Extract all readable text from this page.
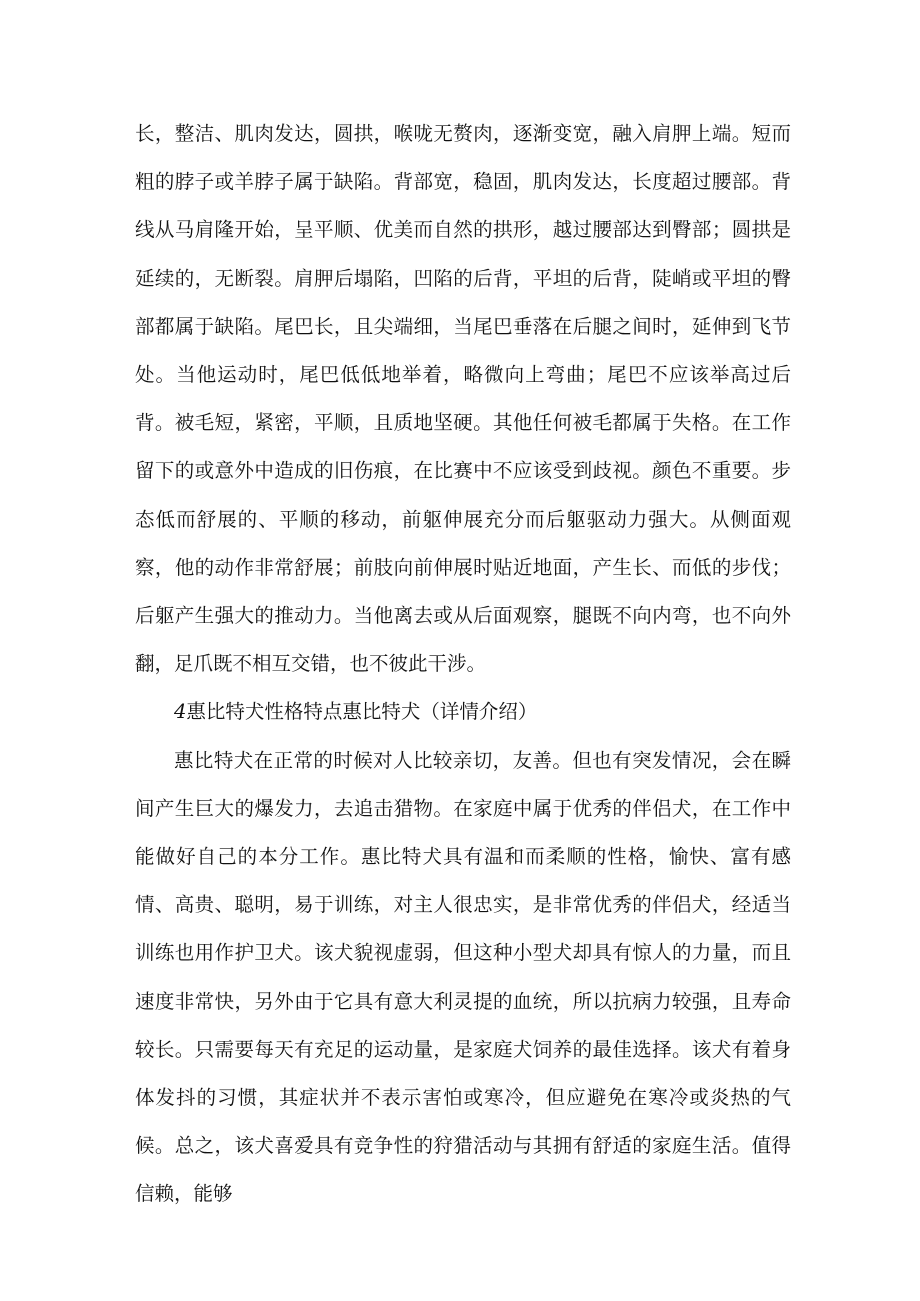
长，整洁、肌肉发达，圆拱，喉咙无赘肉，逐渐变宽，融入肩胛上端。短而粗的脖子或羊脖子属于缺陷。背部宽，稳固，肌肉发达，长度超过腰部。背线从马肩隆开始，呈平顺、优美而自然的拱形，越过腰部达到臀部；圆拱是延续的，无断裂。肩胛后塌陷，凹陷的后背，平坦的后背，陡峭或平坦的臀部都属于缺陷。尾巴长，且尖端细，当尾巴垂落在后腿之间时，延伸到飞节处。当他运动时，尾巴低低地举着，略微向上弯曲；尾巴不应该举高过后背。被毛短，紧密，平顺，且质地坚硬。其他任何被毛都属于失格。在工作留下的或意外中造成的旧伤痕，在比赛中不应该受到歧视。颜色不重要。步态低而舒展的、平顺的移动，前躯伸展充分而后躯驱动力强大。从侧面观察，他的动作非常舒展；前肢向前伸展时贴近地面，产生长、而低的步伐；后躯产生强大的推动力。当他离去或从后面观察，腿既不向内弯，也不向外翻，足爪既不相互交错，也不彼此干涉。

4惠比特犬性格特点惠比特犬（详情介绍）

惠比特犬在正常的时候对人比较亲切，友善。但也有突发情况，会在瞬间产生巨大的爆发力，去追击猎物。在家庭中属于优秀的伴侣犬，在工作中能做好自己的本分工作。惠比特犬具有温和而柔顺的性格，愉快、富有感情、高贵、聪明，易于训练，对主人很忠实，是非常优秀的伴侣犬，经适当训练也用作护卫犬。该犬貌视虚弱，但这种小型犬却具有惊人的力量，而且速度非常快，另外由于它具有意大利灵提的血统，所以抗病力较强，且寿命较长。只需要每天有充足的运动量，是家庭犬饲养的最佳选择。该犬有着身体发抖的习惯，其症状并不表示害怕或寒冷，但应避免在寒冷或炎热的气候。总之，该犬喜爱具有竞争性的狩猎活动与其拥有舒适的家庭生活。值得信赖，能够
